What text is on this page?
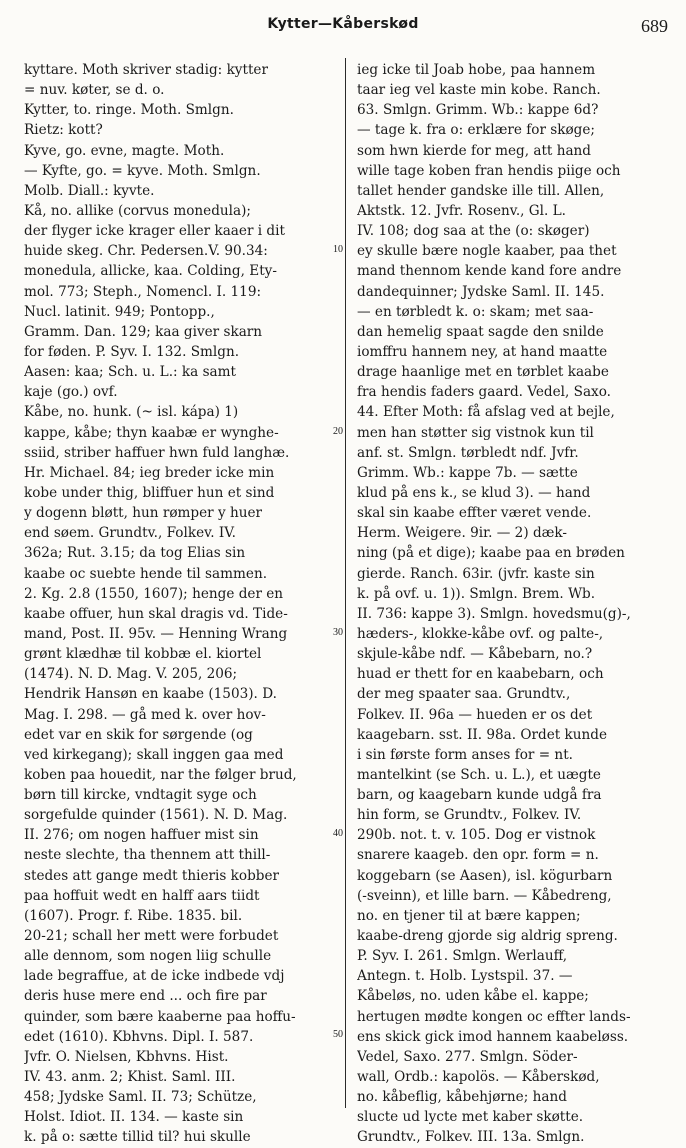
Kytter—Kåberskød	689
kyttare. Moth skriver stadig: kytter
= nuv. køter, se d. o.
Kytter, to. ringe. Moth. Smlgn.
Rietz: kott?
Kyve, go. evne, magte. Moth.
— Kyfte, go. = kyve. Moth. Smlgn.
Molb. Diall.: kyvte.
Kå, no. allike (corvus monedula);
der flyger icke krager eller kaaer i dit
huide skeg. Chr. Pedersen.V. 90.34:
monedula, allicke, kaa. Colding, Ety-
mol. 773; Steph., Nomencl. I. 119:
Nucl. latinit. 949; Pontopp.,
Gramm. Dan. 129; kaa giver skarn
for føden. P. Syv. I. 132. Smlgn.
Aasen: kaa; Sch. u. L.: ka samt
kaje (go.) ovf.
Kåbe, no. hunk. (~ isl. kápa) 1)
kappe, kåbe; thyn kaabæ er wynghe-
ssiid, striber haffuer hwn fuld langhæ.
Hr. Michael. 84; ieg breder icke min
kobe under thig, bliffuer hun et sind
y dogenn bløtt, hun rømper y huer
end søem. Grundtv., Folkev. IV.
362a; Rut. 3.15; da tog Elias sin
kaabe oc suebte hende til sammen.
2. Kg. 2.8 (1550, 1607); henge der en
kaabe offuer, hun skal dragis vd. Tide-
mand, Post. II. 95v. — Henning Wrang
grønt klædhæ til kobbæ el. kiortel
(1474). N. D. Mag. V. 205, 206;
Hendrik Hansøn en kaabe (1503). D.
Mag. I. 298. — gå med k. over hov-
edet var en skik for sørgende (og
ved kirkegang); skall inggen gaa med
koben paa houedit, nar the følger brud,
børn till kircke, vndtagit syge och
sorgefulde quinder (1561). N. D. Mag.
II. 276; om nogen haffuer mist sin
neste slechte, tha thennem att thill-
stedes att gange medt thieris kobber
paa hoffuit wedt en halff aars tiidt
(1607). Progr. f. Ribe. 1835. bil.
20-21; schall her mett were forbudet
alle dennom, som nogen liig schulle
lade begraffue, at de icke indbede vdj
deris huse mere end ... och fire par
quinder, som bære kaaberne paa hoffu-
edet (1610). Kbhvns. Dipl. I. 587.
Jvfr. O. Nielsen, Kbhvns. Hist.
IV. 43. anm. 2; Khist. Saml. III.
458; Jydske Saml. II. 73; Schütze,
Holst. Idiot. II. 134. — kaste sin
k. på o: sætte tillid til? hui skulle
ieg icke til Joab hobe, paa hannem
taar ieg vel kaste min kobe. Ranch.
63. Smlgn. Grimm. Wb.: kappe 6d?
— tage k. fra o: erklære for skøge;
som hwn kierde for meg, att hand
wille tage koben fran hendis piige och
tallet hender gandske ille till. Allen,
Aktstk. 12. Jvfr. Rosenv., Gl. L.
IV. 108; dog saa at the (o: skøger)
ey skulle bære nogle kaaber, paa thet
mand thennom kende kand fore andre
dandequinner; Jydske Saml. II. 145.
— en tørbledt k. o: skam; met saa-
dan hemelig spaat sagde den snilde
iomffru hannem ney, at hand maatte
drage haanlige met en tørblet kaabe
fra hendis faders gaard. Vedel, Saxo.
44. Efter Moth: få afslag ved at bejle,
men han støtter sig vistnok kun til
anf. st. Smlgn. tørbledt ndf. Jvfr.
Grimm. Wb.: kappe 7b. — sætte
klud på ens k., se klud 3). — hand
skal sin kaabe effter været vende.
Herm. Weigere. 9ir. — 2) dæk-
ning (på et dige); kaabe paa en brøden
gierde. Ranch. 63ir. (jvfr. kaste sin
k. på ovf. u. 1)). Smlgn. Brem. Wb.
II. 736: kappe 3). Smlgn. hovedsmu(g)-,
hæders-, klokke-kåbe ovf. og palte-,
skjule-kåbe ndf. — Kåbebarn, no.?
huad er thett for en kaabebarn, och
der meg spaater saa. Grundtv.,
Folkev. II. 96a — hueden er os det
kaagebarn. sst. II. 98a. Ordet kunde
i sin første form anses for = nt.
mantelkint (se Sch. u. L.), et uægte
barn, og kaagebarn kunde udgå fra
hin form, se Grundtv., Folkev. IV.
290b. not. t. v. 105. Dog er vistnok
snarere kaageb. den opr. form = n.
koggebarn (se Aasen), isl. kögurbarn
(-sveinn), et lille barn. — Kåbedreng,
no. en tjener til at bære kappen;
kaabe-dreng gjorde sig aldrig spreng.
P. Syv. I. 261. Smlgn. Werlauff,
Antegn. t. Holb. Lystspil. 37. —
Kåbeløs, no. uden kåbe el. kappe;
hertugen mødte kongen oc effter lands-
ens skick gick imod hannem kaabeløss.
Vedel, Saxo. 277. Smlgn. Söder-
wall, Ordb.: kapolös. — Kåberskød,
no. kåbeflig, kåbehjørne; hand
slucte ud lycte met kaber skøtte.
Grundtv., Folkev. III. 13a. Smlgn.
10
20
30
40
50
